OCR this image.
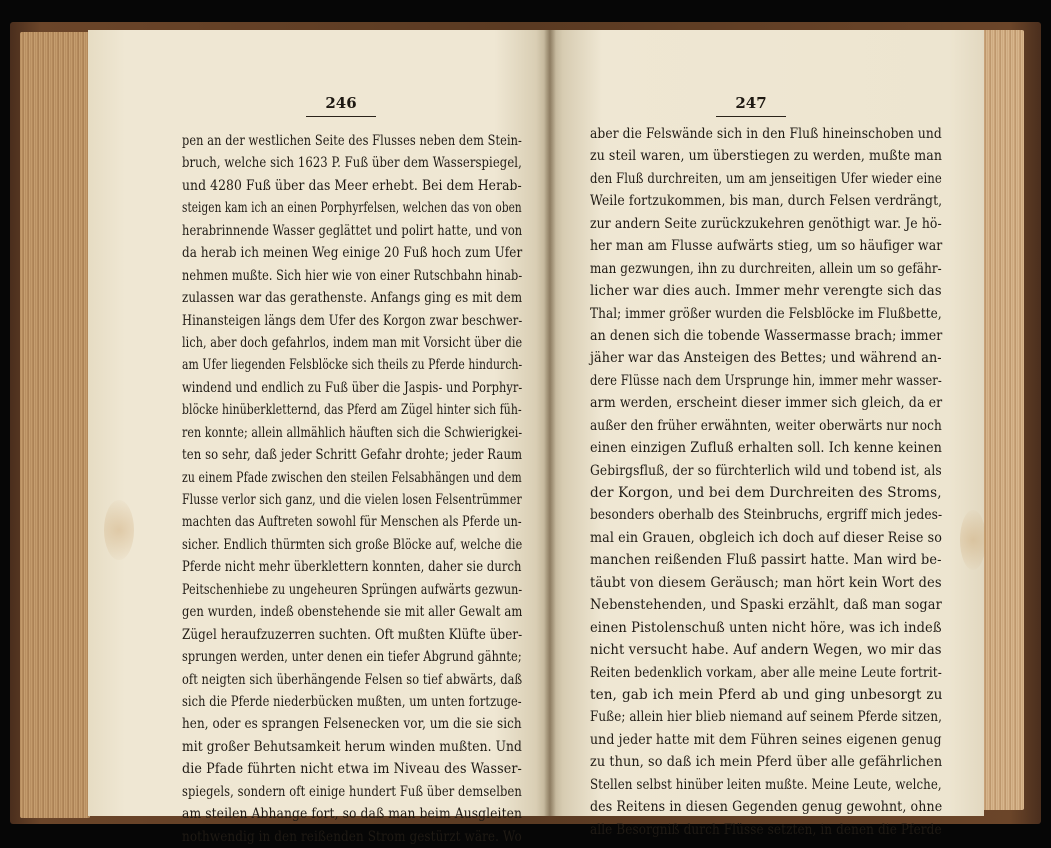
246
pen an der westlichen Seite des Flusses neben dem Stein-
bruch, welche sich 1623 P. Fuß über dem Wasserspiegel,
und 4280 Fuß über das Meer erhebt. Bei dem Herab-
steigen kam ich an einen Porphyrfelsen, welchen das von oben
herabrinnende Wasser geglättet und polirt hatte, und von
da herab ich meinen Weg einige 20 Fuß hoch zum Ufer
nehmen mußte. Sich hier wie von einer Rutschbahn hinab-
zulassen war das gerathenste. Anfangs ging es mit dem
Hinansteigen längs dem Ufer des Korgon zwar beschwer-
lich, aber doch gefahrlos, indem man mit Vorsicht über die
am Ufer liegenden Felsblöcke sich theils zu Pferde hindurch-
windend und endlich zu Fuß über die Jaspis- und Porphyr-
blöcke hinüberkletternd, das Pferd am Zügel hinter sich füh-
ren konnte; allein allmählich häuften sich die Schwierigkei-
ten so sehr, daß jeder Schritt Gefahr drohte; jeder Raum
zu einem Pfade zwischen den steilen Felsabhängen und dem
Flusse verlor sich ganz, und die vielen losen Felsentrümmer
machten das Auftreten sowohl für Menschen als Pferde un-
sicher. Endlich thürmten sich große Blöcke auf, welche die
Pferde nicht mehr überklettern konnten, daher sie durch
Peitschenhiebe zu ungeheuren Sprüngen aufwärts gezwun-
gen wurden, indeß obenstehende sie mit aller Gewalt am
Zügel heraufzuzerren suchten. Oft mußten Klüfte über-
sprungen werden, unter denen ein tiefer Abgrund gähnte;
oft neigten sich überhängende Felsen so tief abwärts, daß
sich die Pferde niederbücken mußten, um unten fortzuge-
hen, oder es sprangen Felsenecken vor, um die sie sich
mit großer Behutsamkeit herum winden mußten. Und
die Pfade führten nicht etwa im Niveau des Wasser-
spiegels, sondern oft einige hundert Fuß über demselben
am steilen Abhange fort, so daß man beim Ausgleiten
nothwendig in den reißenden Strom gestürzt wäre. Wo
247
aber die Felswände sich in den Fluß hineinschoben und
zu steil waren, um überstiegen zu werden, mußte man
den Fluß durchreiten, um am jenseitigen Ufer wieder eine
Weile fortzukommen, bis man, durch Felsen verdrängt,
zur andern Seite zurückzukehren genöthigt war. Je hö-
her man am Flusse aufwärts stieg, um so häufiger war
man gezwungen, ihn zu durchreiten, allein um so gefähr-
licher war dies auch. Immer mehr verengte sich das
Thal; immer größer wurden die Felsblöcke im Flußbette,
an denen sich die tobende Wassermasse brach; immer
jäher war das Ansteigen des Bettes; und während an-
dere Flüsse nach dem Ursprunge hin, immer mehr wasser-
arm werden, erscheint dieser immer sich gleich, da er
außer den früher erwähnten, weiter oberwärts nur noch
einen einzigen Zufluß erhalten soll. Ich kenne keinen
Gebirgsfluß, der so fürchterlich wild und tobend ist, als
der Korgon, und bei dem Durchreiten des Stroms,
besonders oberhalb des Steinbruchs, ergriff mich jedes-
mal ein Grauen, obgleich ich doch auf dieser Reise so
manchen reißenden Fluß passirt hatte. Man wird be-
täubt von diesem Geräusch; man hört kein Wort des
Nebenstehenden, und Spaski erzählt, daß man sogar
einen Pistolenschuß unten nicht höre, was ich indeß
nicht versucht habe. Auf andern Wegen, wo mir das
Reiten bedenklich vorkam, aber alle meine Leute fortrit-
ten, gab ich mein Pferd ab und ging unbesorgt zu
Fuße; allein hier blieb niemand auf seinem Pferde sitzen,
und jeder hatte mit dem Führen seines eigenen genug
zu thun, so daß ich mein Pferd über alle gefährlichen
Stellen selbst hinüber leiten mußte. Meine Leute, welche,
des Reitens in diesen Gegenden genug gewohnt, ohne
alle Besorgniß durch Flüsse setzten, in denen die Pferde
